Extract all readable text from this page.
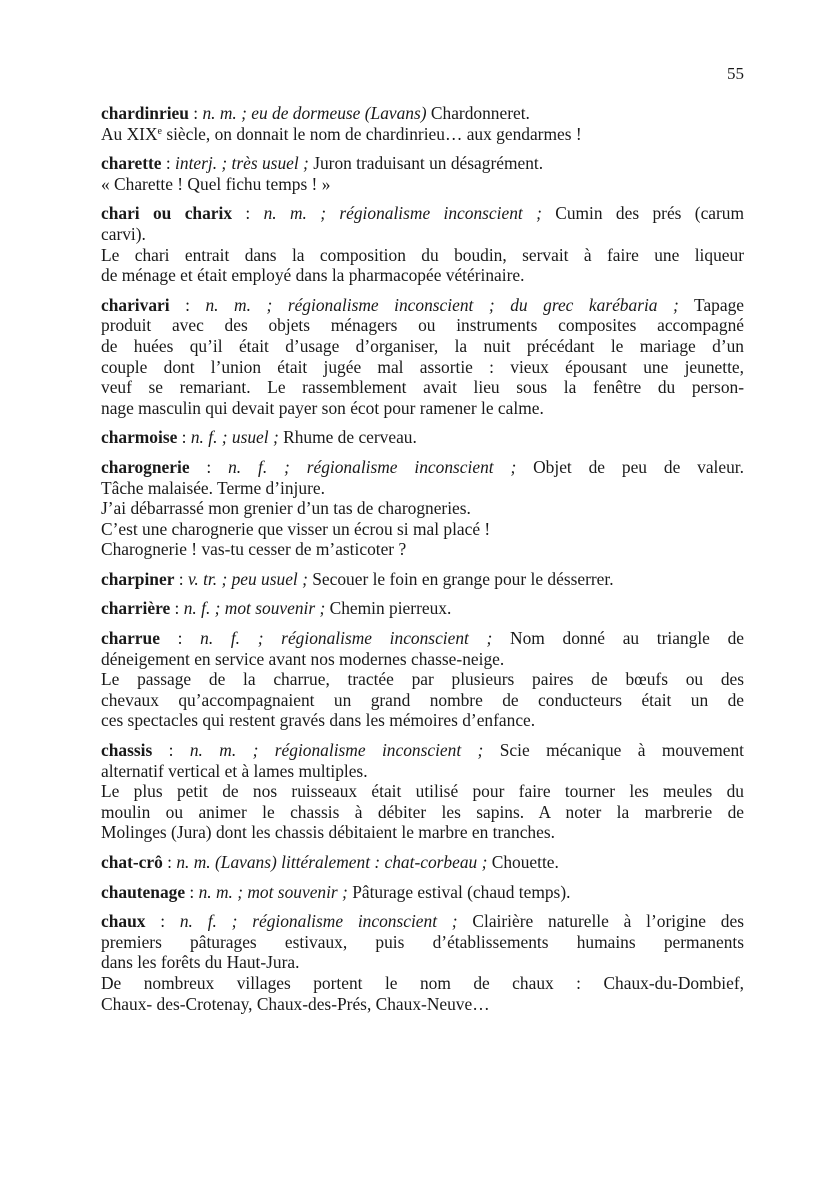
55
chardinrieu : n. m. ; eu de dormeuse (Lavans) Chardonneret.
Au XIXe siècle, on donnait le nom de chardinrieu… aux gendarmes !
charette : interj. ; très usuel ; Juron traduisant un désagrément.
« Charette ! Quel fichu temps ! »
chari ou charix : n. m. ; régionalisme inconscient ; Cumin des prés (carum
carvi).
Le chari entrait dans la composition du boudin, servait à faire une liqueur
de ménage et était employé dans la pharmacopée vétérinaire.
charivari : n. m. ; régionalisme inconscient ; du grec karébaria ; Tapage
produit avec des objets ménagers ou instruments composites accompagné
de huées qu’il était d’usage d’organiser, la nuit précédant le mariage d’un
couple dont l’union était jugée mal assortie : vieux épousant une jeunette,
veuf se remariant. Le rassemblement avait lieu sous la fenêtre du person-
nage masculin qui devait payer son écot pour ramener le calme.
charmoise : n. f. ; usuel ; Rhume de cerveau.
charognerie : n. f. ; régionalisme inconscient ; Objet de peu de valeur.
Tâche malaisée. Terme d’injure.
J’ai débarrassé mon grenier d’un tas de charogneries.
C’est une charognerie que visser un écrou si mal placé !
Charognerie ! vas-tu cesser de m’asticoter ?
charpiner : v. tr. ; peu usuel ; Secouer le foin en grange pour le désserrer.
charrière : n. f. ; mot souvenir ; Chemin pierreux.
charrue : n. f. ; régionalisme inconscient ; Nom donné au triangle de
déneigement en service avant nos modernes chasse-neige.
Le passage de la charrue, tractée par plusieurs paires de bœufs ou des
chevaux qu’accompagnaient un grand nombre de conducteurs était un de
ces spectacles qui restent gravés dans les mémoires d’enfance.
chassis : n. m. ; régionalisme inconscient ; Scie mécanique à mouvement
alternatif vertical et à lames multiples.
Le plus petit de nos ruisseaux était utilisé pour faire tourner les meules du
moulin ou animer le chassis à débiter les sapins. A noter la marbrerie de
Molinges (Jura) dont les chassis débitaient le marbre en tranches.
chat-crô : n. m. (Lavans) littéralement : chat-corbeau ; Chouette.
chautenage : n. m. ; mot souvenir ; Pâturage estival (chaud temps).
chaux : n. f. ; régionalisme inconscient ; Clairière naturelle à l’origine des
premiers pâturages estivaux, puis d’établissements humains permanents
dans les forêts du Haut-Jura.
De nombreux villages portent le nom de chaux : Chaux-du-Dombief,
Chaux- des-Crotenay, Chaux-des-Prés, Chaux-Neuve…
